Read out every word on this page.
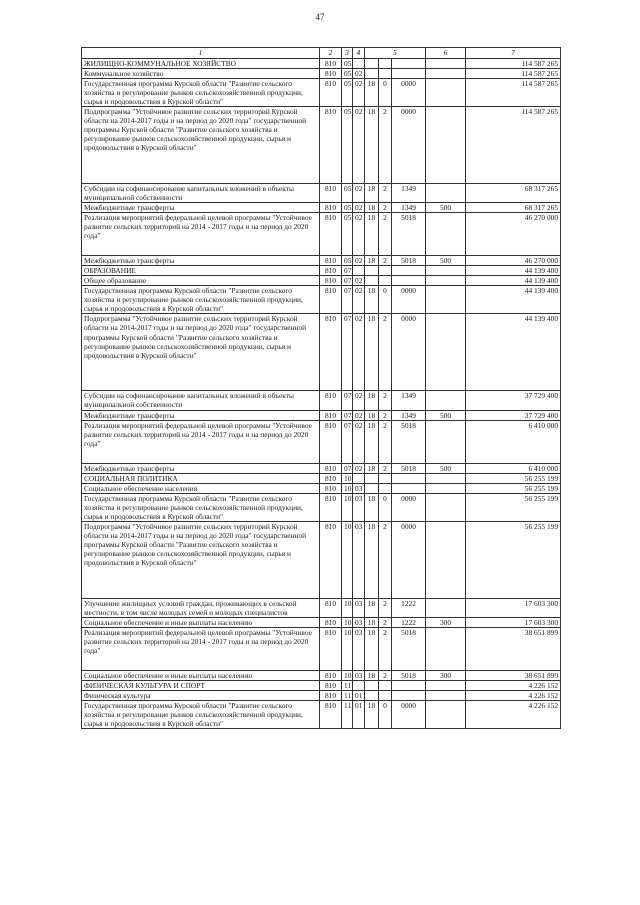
47
1	2	3	4	5			6	7
ЖИЛИЩНО-КОММУНАЛЬНОЕ ХОЗЯЙСТВО	810	05						114 587 265
Коммунальное хозяйство	810	05	02					114 587 265
Государственная программа Курской области "Развитие сельского хозяйства и регулирование рынков сельскохозяйственной продукции, сырья и продовольствия в Курской области"	810	05	02	18	0	0000		114 587 265
Подпрограмма "Устойчивое развитие сельских территорий Курской области на 2014-2017 годы и на период до 2020 года" государственной программы Курской области "Развитие сельского хозяйства и регулирование рынков сельскохозяйственной продукции, сырья и продовольствия в Курской области"	810	05	02	18	2	0000		114 587 265
Субсидии на софинансирование капитальных вложений в объекты муниципальной собственности	810	05	02	18	2	1349		68 317 265
Межбюджетные трансферты	810	05	02	18	2	1349	500	68 317 265
Реализация мероприятий федеральной целевой программы "Устойчивое развитие сельских территорий на 2014 - 2017 годы и на период до 2020 года"	810	05	02	18	2	5018		46 270 000
Межбюджетные трансферты	810	05	02	18	2	5018	500	46 270 000
ОБРАЗОВАНИЕ	810	07						44 139 400
Общее образование	810	07	02					44 139 400
Государственная программа Курской области "Развитие сельского хозяйства и регулирование рынков сельскохозяйственной продукции, сырья и продовольствия в Курской области"	810	07	02	18	0	0000		44 139 400
Подпрограмма "Устойчивое развитие сельских территорий Курской области на 2014-2017 годы и на период до 2020 года" государственной программы Курской области "Развитие сельского хозяйства и регулирование рынков сельскохозяйственной продукции, сырья и продовольствия в Курской области"	810	07	02	18	2	0000		44 139 400
Субсидии на софинансирование капитальных вложений в объекты муниципальной собственности	810	07	02	18	2	1349		37 729 400
Межбюджетные трансферты	810	07	02	18	2	1349	500	37 729 400
Реализация мероприятий федеральной целевой программы "Устойчивое развитие сельских территорий на 2014 - 2017 годы и на период до 2020 года"	810	07	02	18	2	5018		6 410 000
Межбюджетные трансферты	810	07	02	18	2	5018	500	6 410 000
СОЦИАЛЬНАЯ ПОЛИТИКА	810	10						56 255 199
Социальное обеспечение населения	810	10	03					56 255 199
Государственная программа Курской области "Развитие сельского хозяйства и регулирование рынков сельскохозяйственной продукции, сырья и продовольствия в Курской области"	810	10	03	18	0	0000		56 255 199
Подпрограмма "Устойчивое развитие сельских территорий Курской области на 2014-2017 годы и на период до 2020 года" государственной программы Курской области "Развитие сельского хозяйства и регулирование рынков сельскохозяйственной продукции, сырья и продовольствия в Курской области"	810	10	03	18	2	0000		56 255 199
Улучшение жилищных условий граждан, проживающих в сельской местности, в том числе молодых семей и молодых специалистов	810	10	03	18	2	1222		17 603 300
Социальное обеспечение и иные выплаты населению	810	10	03	18	2	1222	300	17 603 300
Реализация мероприятий федеральной целевой программы "Устойчивое развитие сельских территорий на 2014 - 2017 годы и на период до 2020 года"	810	10	03	18	2	5018		38 651 899
Социальное обеспечение и иные выплаты населению	810	10	03	18	2	5018	300	38 651 899
ФИЗИЧЕСКАЯ КУЛЬТУРА И СПОРТ	810	11						4 226 152
Физическая культура	810	11	01					4 226 152
Государственная программа Курской области "Развитие сельского хозяйства и регулирование рынков сельскохозяйственной продукции, сырья и продовольствия в Курской области"	810	11	01	18	0	0000		4 226 152
